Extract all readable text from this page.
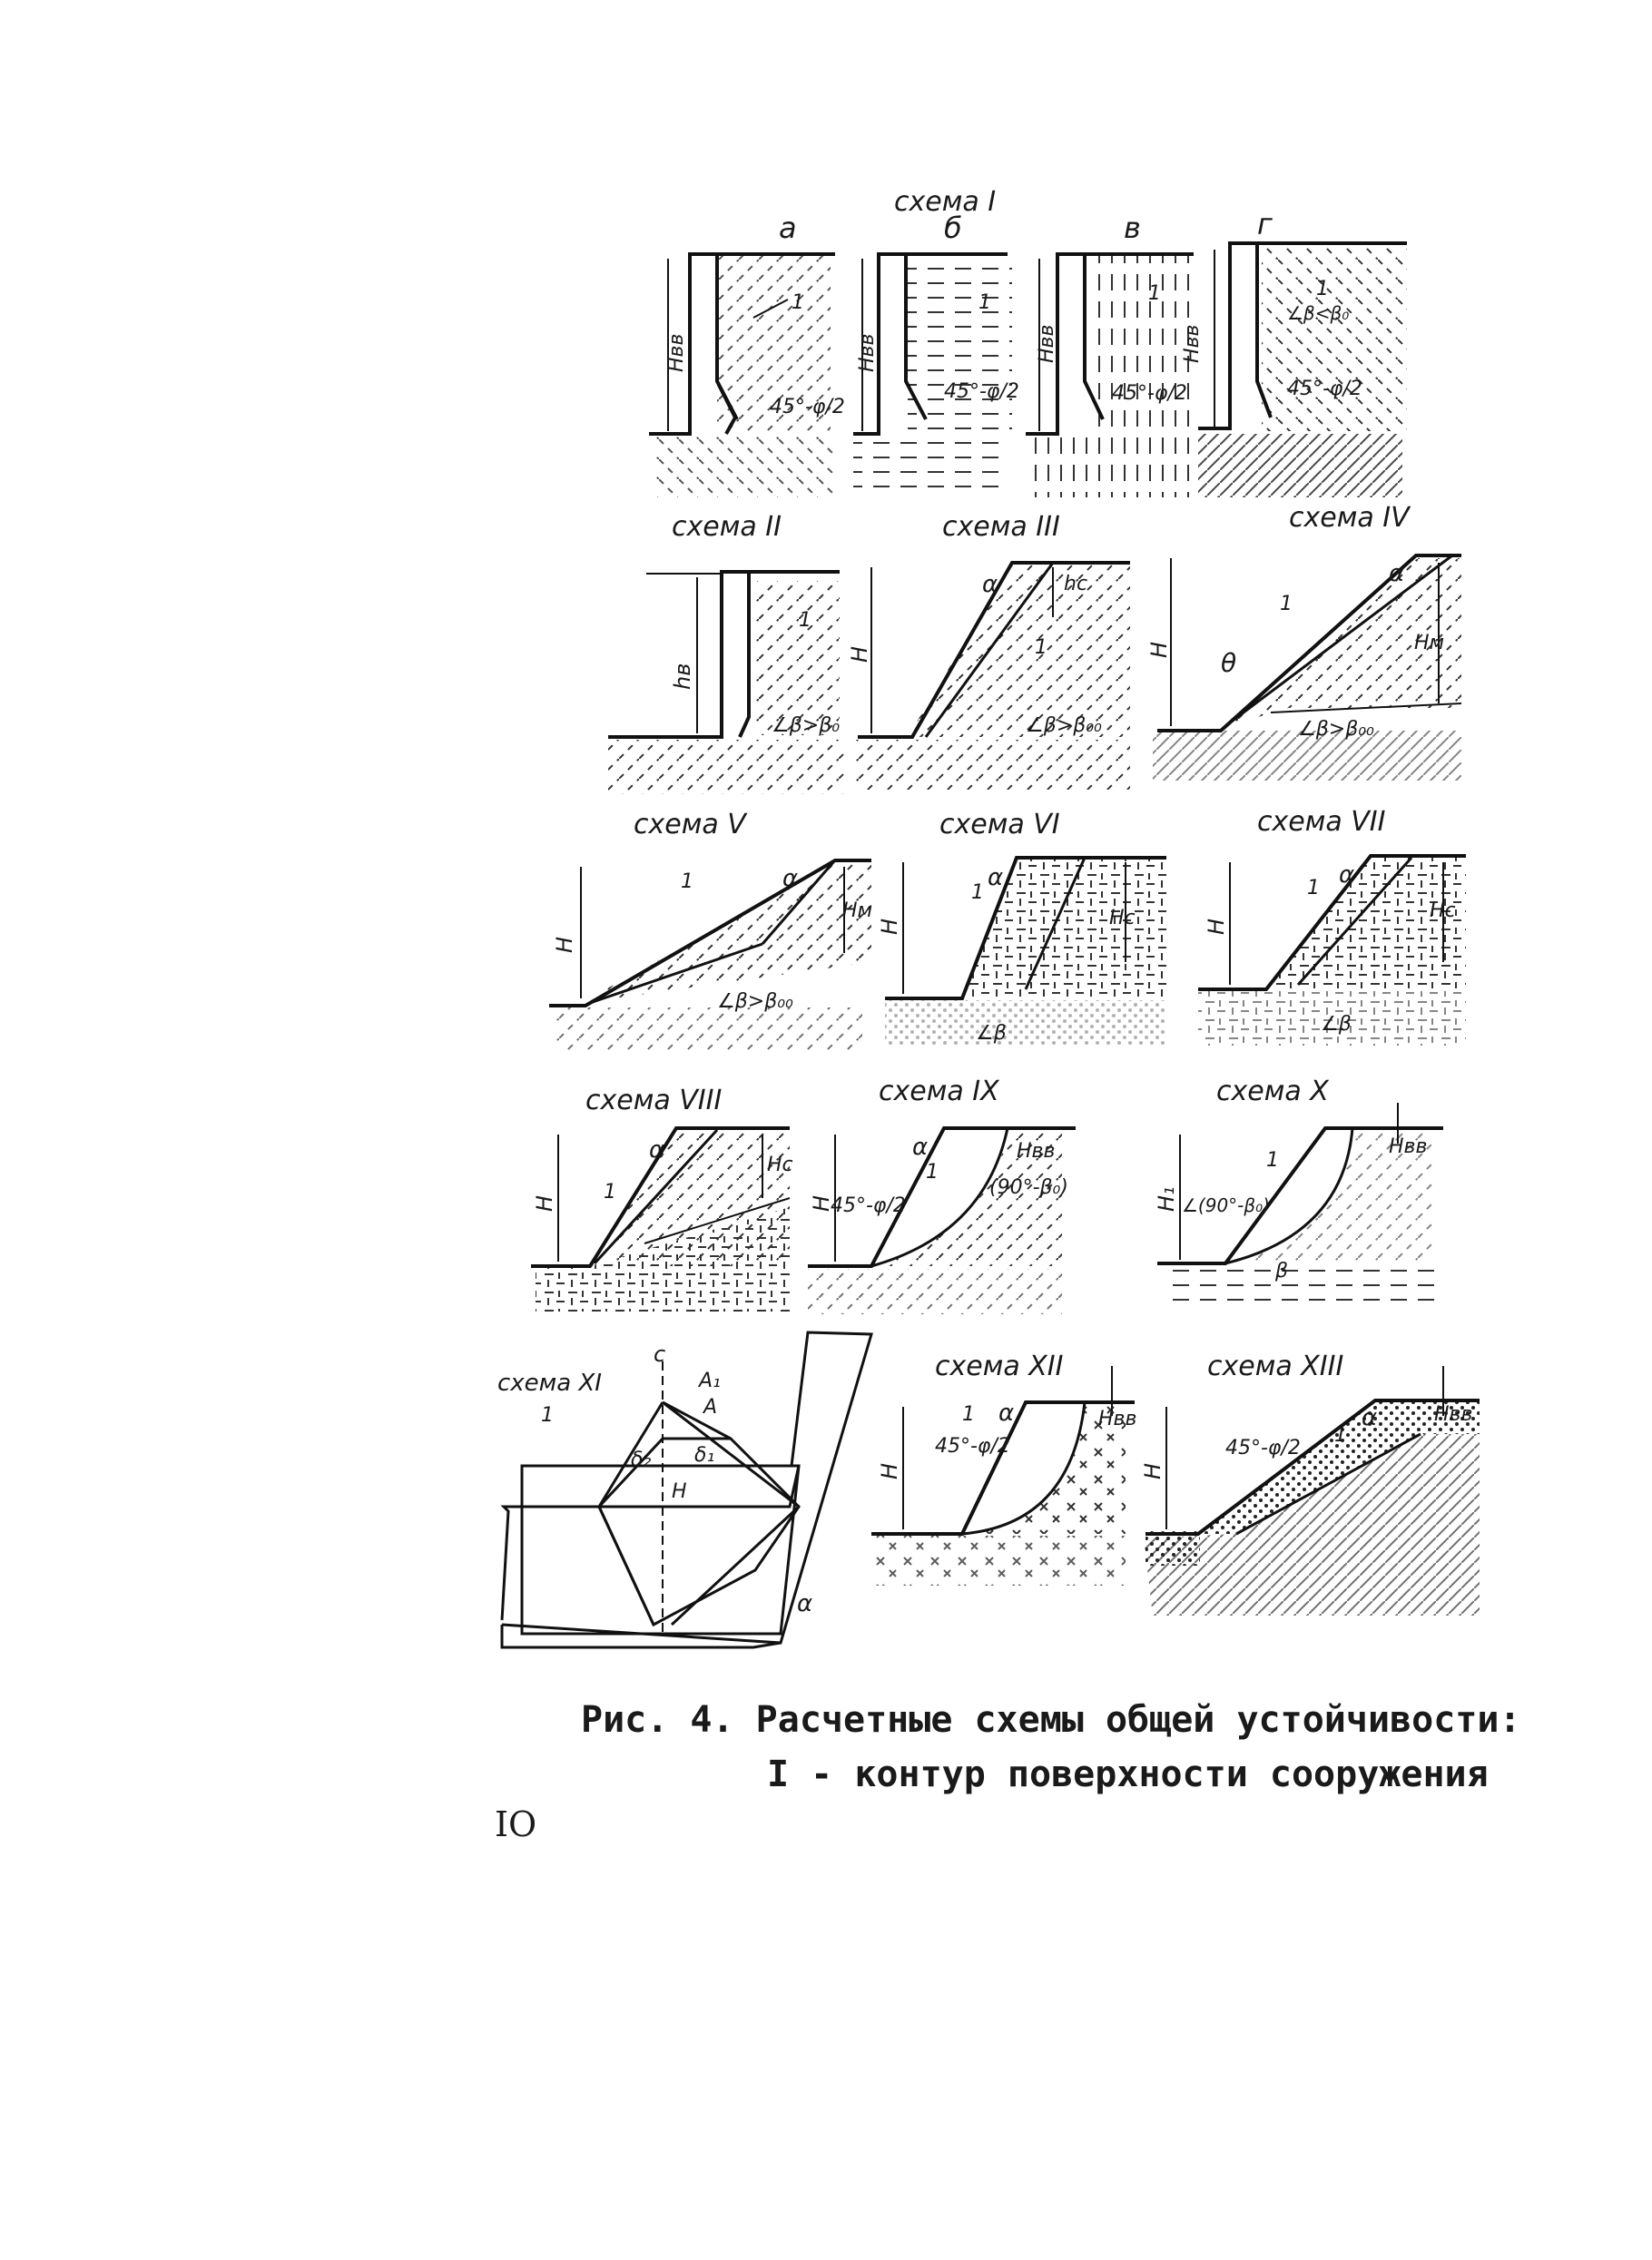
схема I
а
Hвв
1
45°-φ/2
б
Hвв
1
45°-φ/2
в
Hвв
1
45°-φ/2
г
Hвв
1
∠β<β₀
45°-φ/2
схема II
hв
1
∠β>β₀
схема III
α
H
hc
1
∠β>β₀₀
схема IV
α
1
θ
H	Hм
∠β>β₀₀
схема V
α
1
H
Hм
∠β>β₀₀
схема VI
α
1
H	Hс
∠β
схема VII
α
1
H
Hс
∠β
схема VIII
α
1
H
Hс
схема IX
α
1
H
Hвв
45°-φ/2
(90°-β₀)
схема X
1
H₁
Hвв
∠(90°-β₀)
β
схема XI
c
A₁
A
1
δ₂ δ₁
H
α
схема XII
α
1
H
Hвв
45°-φ/2
схема XIII
α
1
H
Hвв
45°-φ/2
Рис. 4. Расчетные схемы общей устойчивости:
I - контур поверхности сооружения
IO
